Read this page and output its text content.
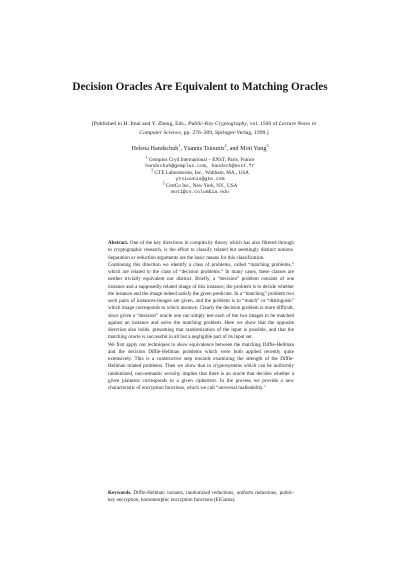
Decision Oracles Are Equivalent to Matching Oracles
[Published in H. Imai and Y. Zheng, Eds., Public-Key Cryptography, vol. 1560 of Lecture Notes in Computer Science, pp. 276–289, Springer-Verlag, 1999.]
Helena Handschuh$^1$, Yiannis Tsiounis$^2$, and Moti Yung$^3$
$^1$ Gemplus Cryd International – ENST, Paris, France
handschuh@gemplus.com, handsch@enst.fr
$^2$ GTE Laboratories, Inc., Waltham, MA., USA
ytsiounis@gte.com
$^3$ CertCo Inc., New York, NY., USA
moti@cs.columbia.edu

Abstract. One of the key directions in complexity theory which has also filtered through to cryptographic research, is the effort to classify related but seemingly distinct notions. Separation or reduction arguments are the basic means for this classification.

Continuing this direction we identify a class of problems, called “matching problems,” which are related to the class of “decision problems.” In many cases, these classes are neither trivially equivalent nor distinct. Briefly, a “decision” problem consists of one instance and a supposedly related image of this instance; the problem is to decide whether the instance and the image indeed satisfy the given predicate. In a “matching” problem two such pairs of instances-images are given, and the problem is to “match” or “distinguish” which image corresponds to which instance. Clearly the decision problem is more difficult, since given a “decision” oracle one can simply test each of the two images to be matched against an instance and solve the matching problem. Here we show that the opposite direction also holds, presuming that randomization of the input is possible, and that the matching oracle is successful in all but a negligible part of its input set.

We first apply our techniques to show equivalence between the matching Diffie-Hellman and the decision Diffie-Hellman problems which were both applied recently quite extensively. This is a constructive step towards examining the strength of the Diffie-Hellman related problems. Then we show that in cryptosystems which can be uniformly randomized, non-semantic security implies that there is an oracle that decides whether a given plaintext corresponds to a given ciphertext. In the process we provide a new characteristic of encryption functions, which we call “universal malleability.”

Keywords. Diffie-Hellman variants, randomized reductions, uniform reductions, public-key encryption, homomorphic encryption functions (ElGamal,
